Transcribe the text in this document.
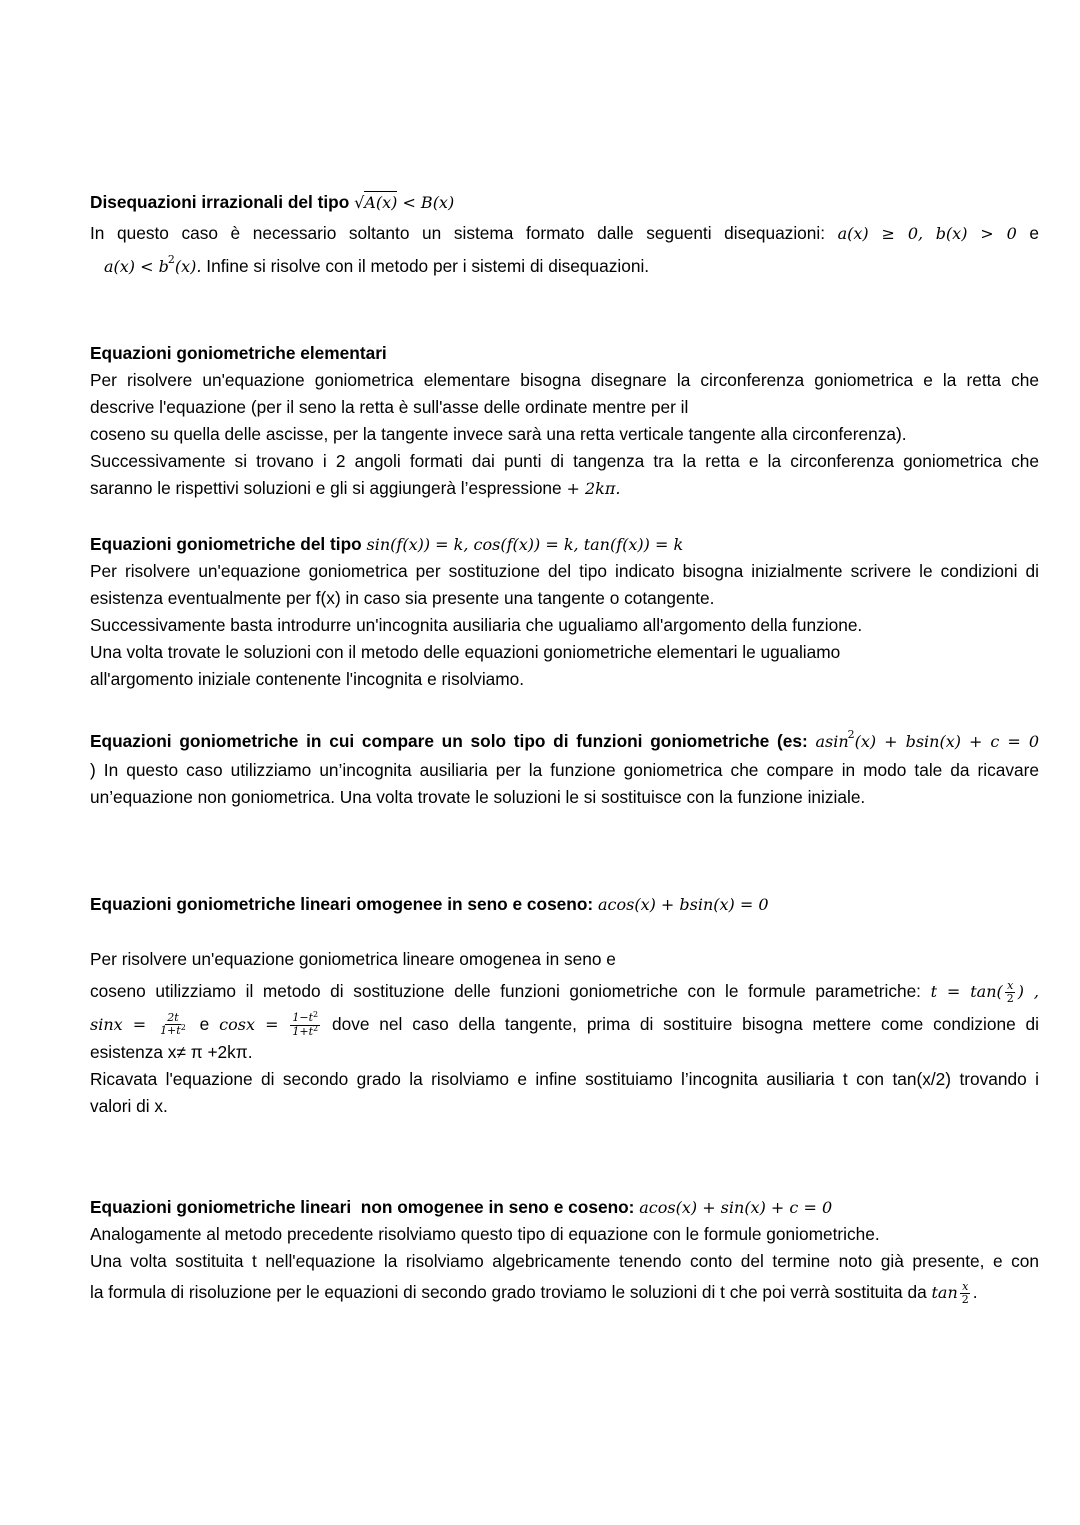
Disequazioni irrazionali del tipo √A(x) < B(x)
In questo caso è necessario soltanto un sistema formato dalle seguenti disequazioni: a(x) ≥ 0, b(x) > 0 e
$a(x) < b^2(x)$. Infine si risolve con il metodo per i sistemi di disequazioni.
Equazioni goniometriche elementari
Per risolvere un'equazione goniometrica elementare bisogna disegnare la circonferenza goniometrica e la retta che
descrive l'equazione (per il seno la retta è sull'asse delle ordinate mentre per il
coseno su quella delle ascisse, per la tangente invece sarà una retta verticale tangente alla circonferenza).
Successivamente si trovano i 2 angoli formati dai punti di tangenza tra la retta e la circonferenza goniometrica che
saranno le rispettivi soluzioni e gli si aggiungerà l’espressione + 2kπ.
Equazioni goniometriche del tipo sin(f(x)) = k, cos(f(x)) = k, tan(f(x)) = k
Per risolvere un'equazione goniometrica per sostituzione del tipo indicato bisogna inizialmente scrivere le condizioni di
esistenza eventualmente per f(x) in caso sia presente una tangente o cotangente.
Successivamente basta introdurre un'incognita ausiliaria che ugualiamo all'argomento della funzione.
Una volta trovate le soluzioni con il metodo delle equazioni goniometriche elementari le ugualiamo
all'argomento iniziale contenente l'incognita e risolviamo.
Equazioni goniometriche in cui compare un solo tipo di funzioni goniometriche (es: asin$^2$(x) + bsin(x) + c = 0
) In questo caso utilizziamo un’incognita ausiliaria per la funzione goniometrica che compare in modo tale da ricavare
un’equazione non goniometrica. Una volta trovate le soluzioni le si sostituisce con la funzione iniziale.
Equazioni goniometriche lineari omogenee in seno e coseno: acos(x) + bsin(x) = 0
Per risolvere un'equazione goniometrica lineare omogenea in seno e
coseno utilizziamo il metodo di sostituzione delle funzioni goniometriche con le formule parametriche: $t = \tan( \frac{x}{2}$ ) ,
$\sin x = \frac{2t}{1+t^2}$ e $\cos x = \frac{1-t^2}{1+t^2}$ dove nel caso della tangente, prima di sostituire bisogna mettere come condizione di
esistenza x≠ π +2kπ.
Ricavata l'equazione di secondo grado la risolviamo e infine sostituiamo l’incognita ausiliaria t con tan(x/2) trovando i
valori di x.
Equazioni goniometriche lineari  non omogenee in seno e coseno: acos(x) + sin(x) + c = 0
Analogamente al metodo precedente risolviamo questo tipo di equazione con le formule goniometriche.
Una volta sostituita t nell'equazione la risolviamo algebricamente tenendo conto del termine noto già presente, e con
la formula di risoluzione per le equazioni di secondo grado troviamo le soluzioni di t che poi verrà sostituita da $\tan \frac{x}{2}$ .
